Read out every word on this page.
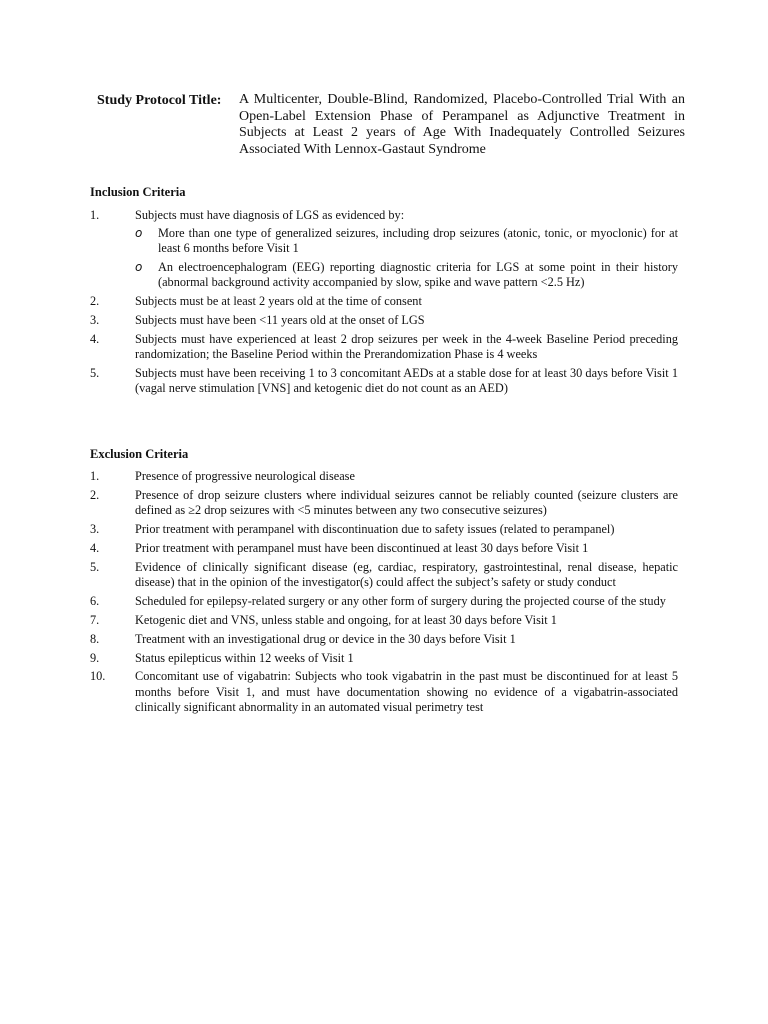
Study Protocol Title:	A Multicenter, Double-Blind, Randomized, Placebo-Controlled Trial With an Open-Label Extension Phase of Perampanel as Adjunctive Treatment in Subjects at Least 2 years of Age With Inadequately Controlled Seizures Associated With Lennox-Gastaut Syndrome
Inclusion Criteria
1.	Subjects must have diagnosis of LGS as evidenced by:
o More than one type of generalized seizures, including drop seizures (atonic, tonic, or myoclonic) for at least 6 months before Visit 1
o An electroencephalogram (EEG) reporting diagnostic criteria for LGS at some point in their history (abnormal background activity accompanied by slow, spike and wave pattern <2.5 Hz)
2.	Subjects must be at least 2 years old at the time of consent
3.	Subjects must have been <11 years old at the onset of LGS
4.	Subjects must have experienced at least 2 drop seizures per week in the 4-week Baseline Period preceding randomization; the Baseline Period within the Prerandomization Phase is 4 weeks
5.	Subjects must have been receiving 1 to 3 concomitant AEDs at a stable dose for at least 30 days before Visit 1 (vagal nerve stimulation [VNS] and ketogenic diet do not count as an AED)
Exclusion Criteria
1.	Presence of progressive neurological disease
2.	Presence of drop seizure clusters where individual seizures cannot be reliably counted (seizure clusters are defined as ≥2 drop seizures with <5 minutes between any two consecutive seizures)
3.	Prior treatment with perampanel with discontinuation due to safety issues (related to perampanel)
4.	Prior treatment with perampanel must have been discontinued at least 30 days before Visit 1
5.	Evidence of clinically significant disease (eg, cardiac, respiratory, gastrointestinal, renal disease, hepatic disease) that in the opinion of the investigator(s) could affect the subject’s safety or study conduct
6.	Scheduled for epilepsy-related surgery or any other form of surgery during the projected course of the study
7.	Ketogenic diet and VNS, unless stable and ongoing, for at least 30 days before Visit 1
8.	Treatment with an investigational drug or device in the 30 days before Visit 1
9.	Status epilepticus within 12 weeks of Visit 1
10.	Concomitant use of vigabatrin: Subjects who took vigabatrin in the past must be discontinued for at least 5 months before Visit 1, and must have documentation showing no evidence of a vigabatrin-associated clinically significant abnormality in an automated visual perimetry test
